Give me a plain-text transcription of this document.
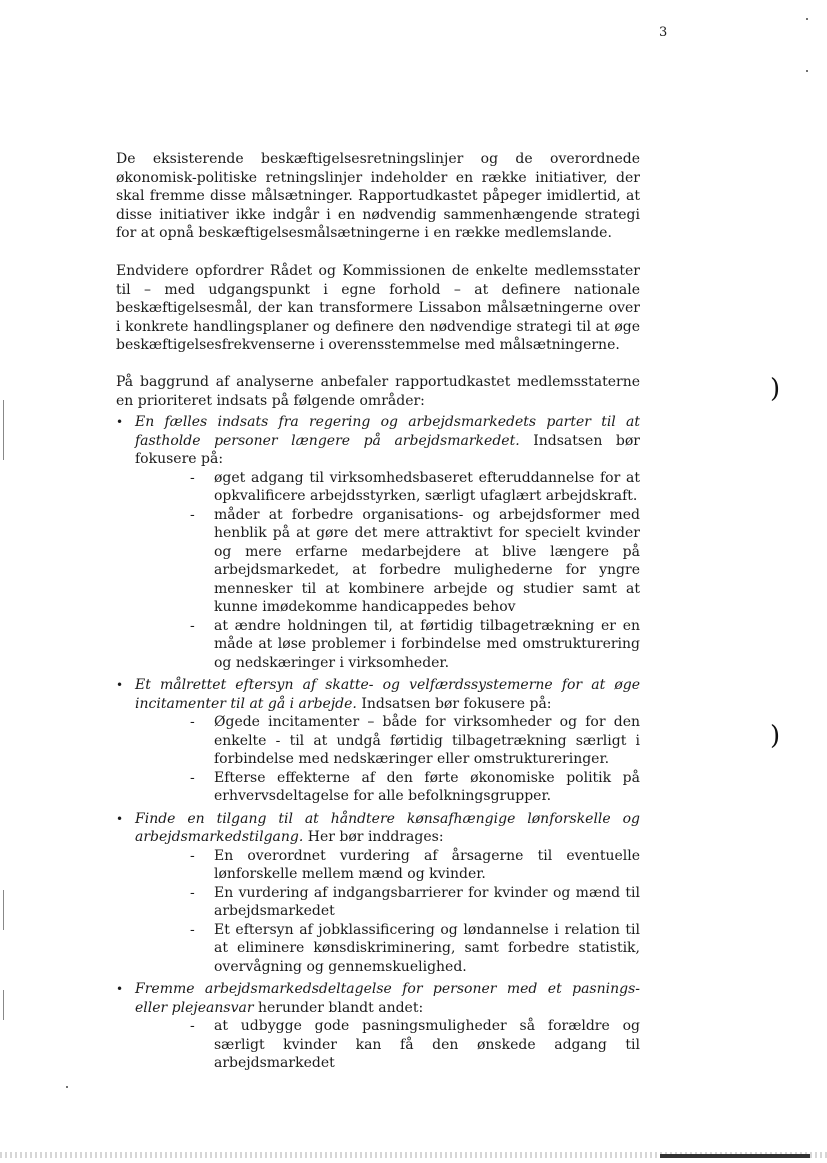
3

De eksisterende beskæftigelsesretningslinjer og de overordnede økonomisk-politiske retningslinjer indeholder en række initiativer, der skal fremme disse målsætninger. Rapportudkastet påpeger imidlertid, at disse initiativer ikke indgår i en nødvendig sammenhængende strategi for at opnå beskæftigelsesmålsætningerne i en række medlemslande.

Endvidere opfordrer Rådet og Kommissionen de enkelte medlemsstater til – med udgangspunkt i egne forhold – at definere nationale beskæftigelsesmål, der kan transformere Lissabon målsætningerne over i konkrete handlingsplaner og definere den nødvendige strategi til at øge beskæftigelsesfrekvenserne i overensstemmelse med målsætningerne.

På baggrund af analyserne anbefaler rapportudkastet medlemsstaterne en prioriteret indsats på følgende områder:

• En fælles indsats fra regering og arbejdsmarkedets parter til at fastholde personer længere på arbejdsmarkedet. Indsatsen bør fokusere på:
- øget adgang til virksomhedsbaseret efteruddannelse for at opkvalificere arbejdsstyrken, særligt ufaglært arbejdskraft.
- måder at forbedre organisations- og arbejdsformer med henblik på at gøre det mere attraktivt for specielt kvinder og mere erfarne medarbejdere at blive længere på arbejdsmarkedet, at forbedre mulighederne for yngre mennesker til at kombinere arbejde og studier samt at kunne imødekomme handicappedes behov
- at ændre holdningen til, at førtidig tilbagetrækning er en måde at løse problemer i forbindelse med omstrukturering og nedskæringer i virksomheder.
• Et målrettet eftersyn af skatte- og velfærdssystemerne for at øge incitamenter til at gå i arbejde. Indsatsen bør fokusere på:
- Øgede incitamenter – både for virksomheder og for den enkelte - til at undgå førtidig tilbagetrækning særligt i forbindelse med nedskæringer eller omstruktureringer.
- Efterse effekterne af den førte økonomiske politik på erhvervsdeltagelse for alle befolkningsgrupper.
• Finde en tilgang til at håndtere kønsafhængige lønforskelle og arbejdsmarkedstilgang. Her bør inddrages:
- En overordnet vurdering af årsagerne til eventuelle lønforskelle mellem mænd og kvinder.
- En vurdering af indgangsbarrierer for kvinder og mænd til arbejdsmarkedet
- Et eftersyn af jobklassificering og løndannelse i relation til at eliminere kønsdiskriminering, samt forbedre statistik, overvågning og gennemskuelighed.
• Fremme arbejdsmarkedsdeltagelse for personer med et pasnings- eller plejeansvar herunder blandt andet:
- at udbygge gode pasningsmuligheder så forældre og særligt kvinder kan få den ønskede adgang til arbejdsmarkedet
)
)
